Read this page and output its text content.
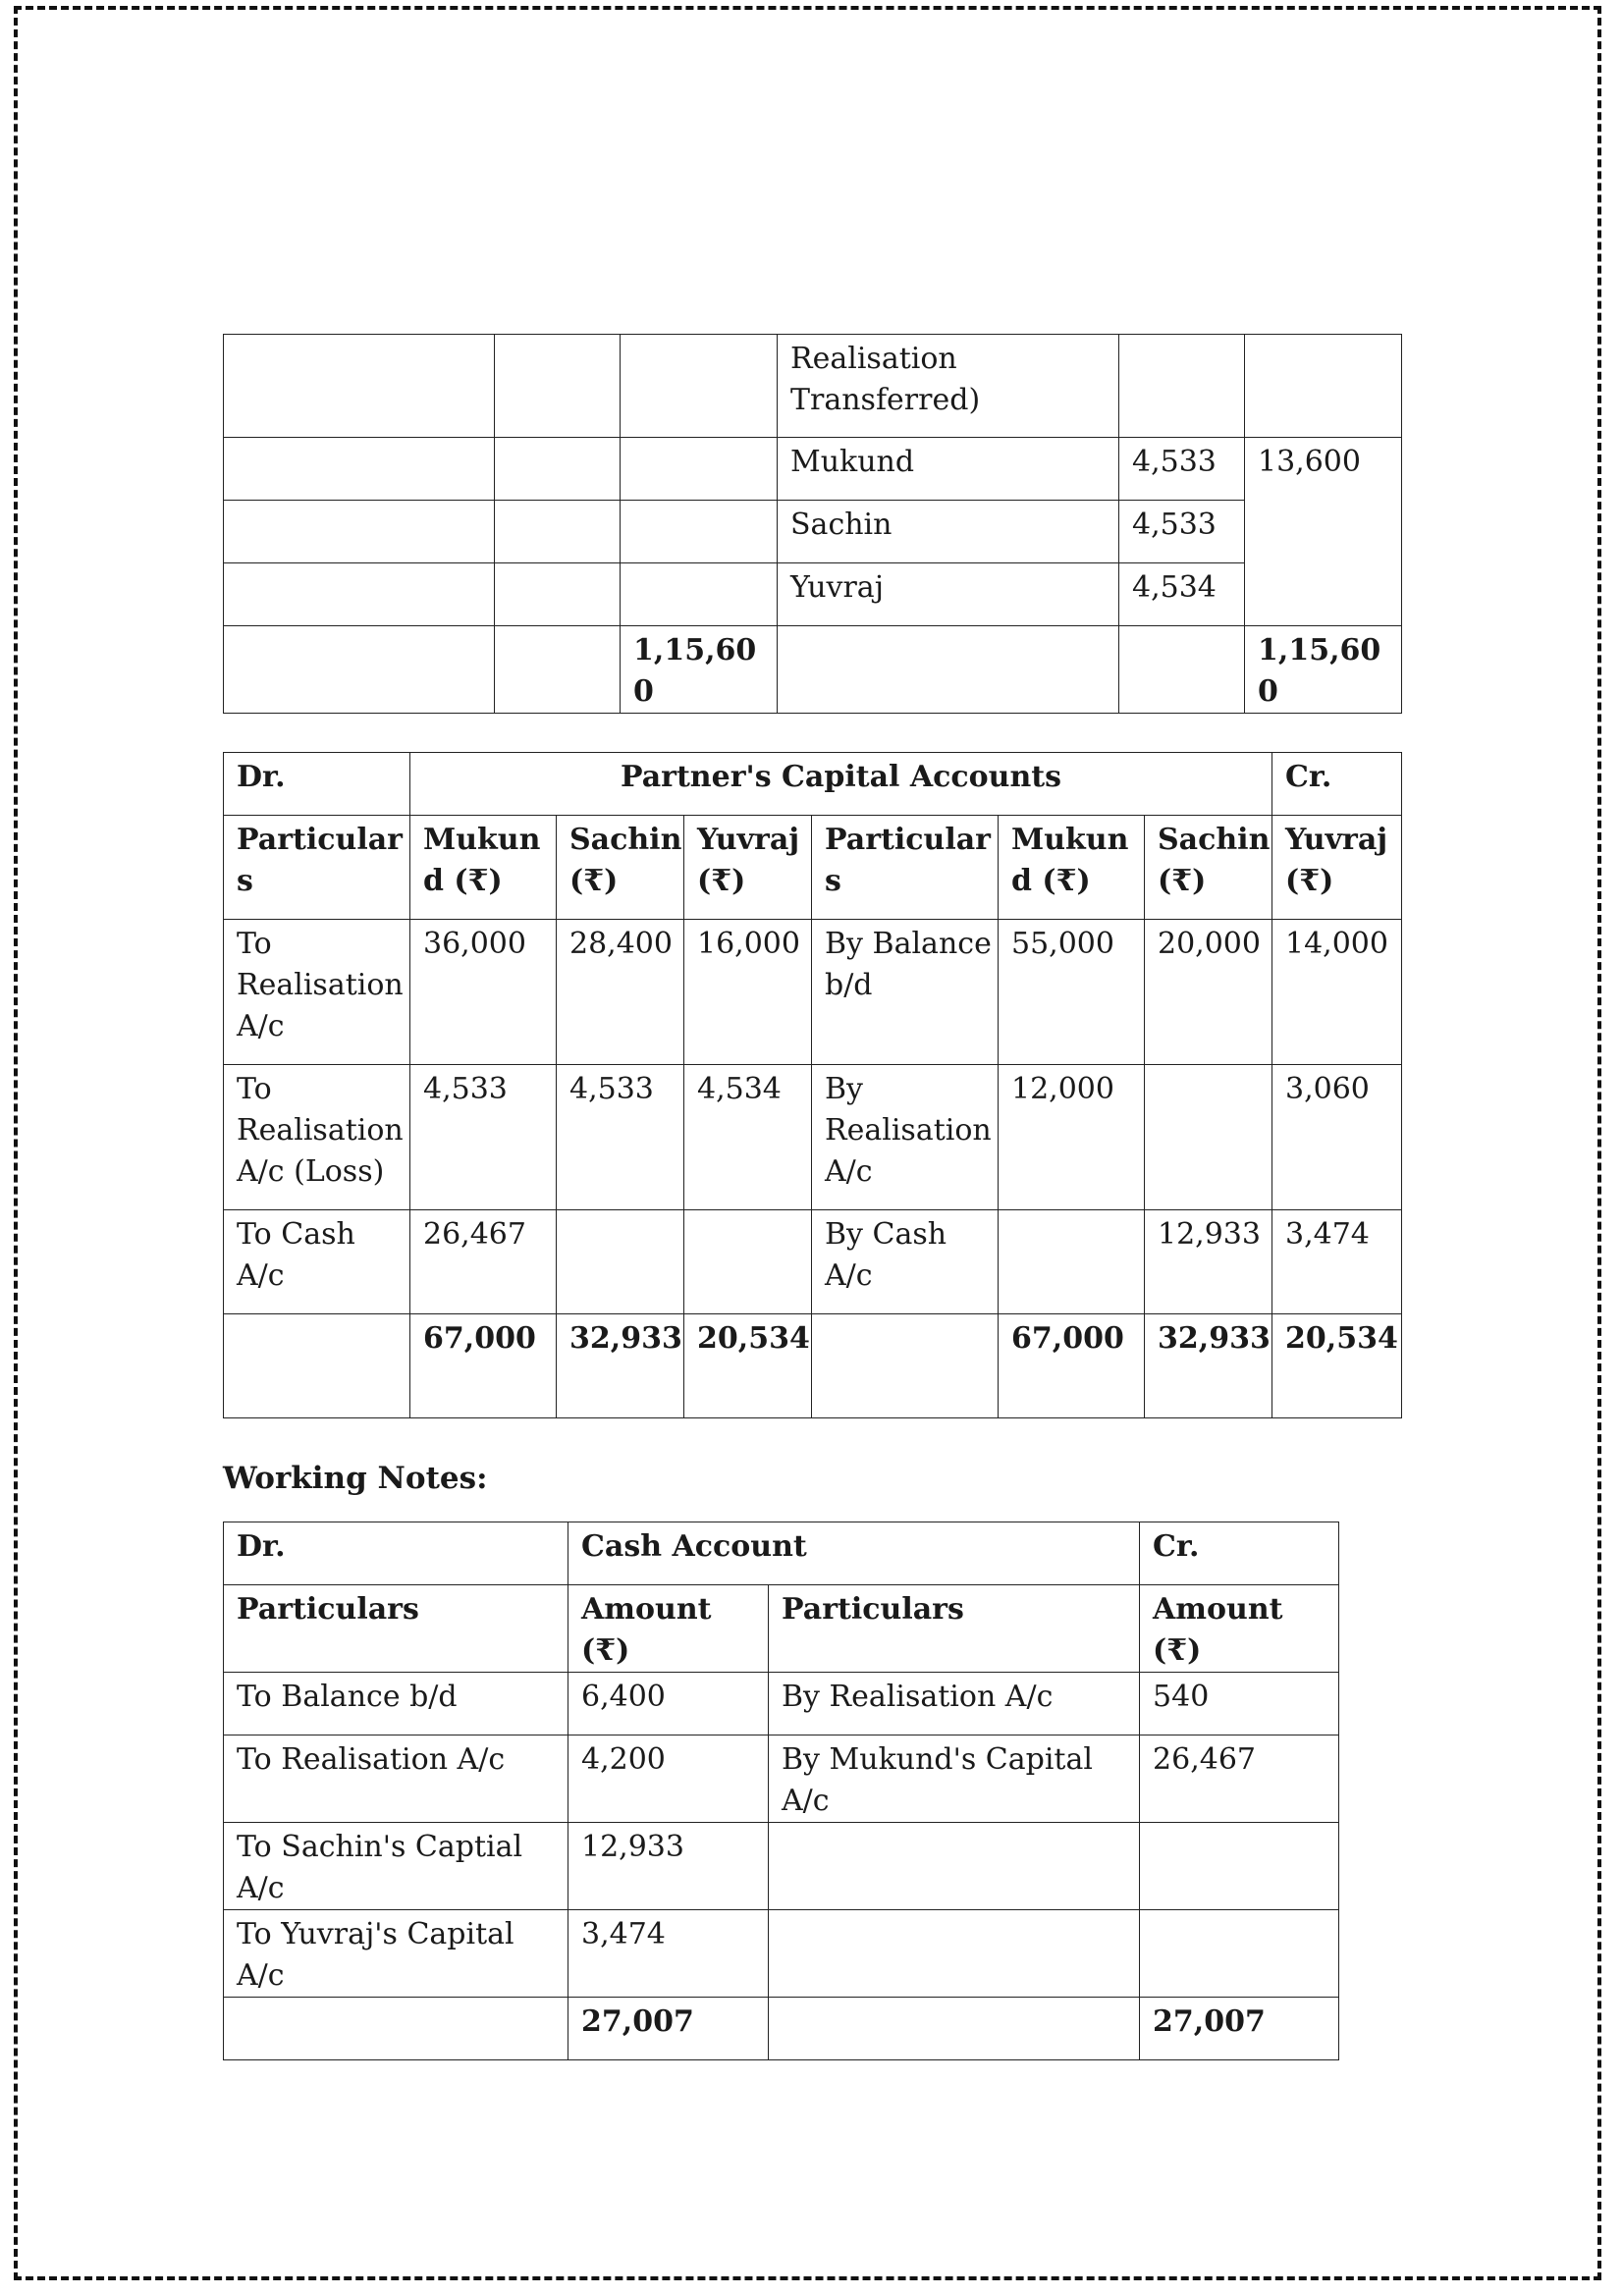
			Realisation Transferred)		
			Mukund	4,533	13,600
			Sachin	4,533	
			Yuvraj	4,534	
		1,15,600			1,15,600
Dr.	Partner's Capital Accounts						Cr.
Particulars	Mukund (₹)	Sachin (₹)	Yuvraj (₹)	Particulars	Mukund (₹)	Sachin (₹)	Yuvraj (₹)
To Realisation A/c	36,000	28,400	16,000	By Balance b/d	55,000	20,000	14,000
To Realisation A/c (Loss)	4,533	4,533	4,534	By Realisation A/c	12,000		3,060
To Cash A/c	26,467			By Cash A/c		12,933	3,474
	67,000	32,933	20,534		67,000	32,933	20,534
Working Notes:
Dr.	Cash Account		Cr.
Particulars	Amount (₹)	Particulars	Amount (₹)
To Balance b/d	6,400	By Realisation A/c	540
To Realisation A/c	4,200	By Mukund's Capital A/c	26,467
To Sachin's Captial A/c	12,933		
To Yuvraj's Capital A/c	3,474		
	27,007		27,007
